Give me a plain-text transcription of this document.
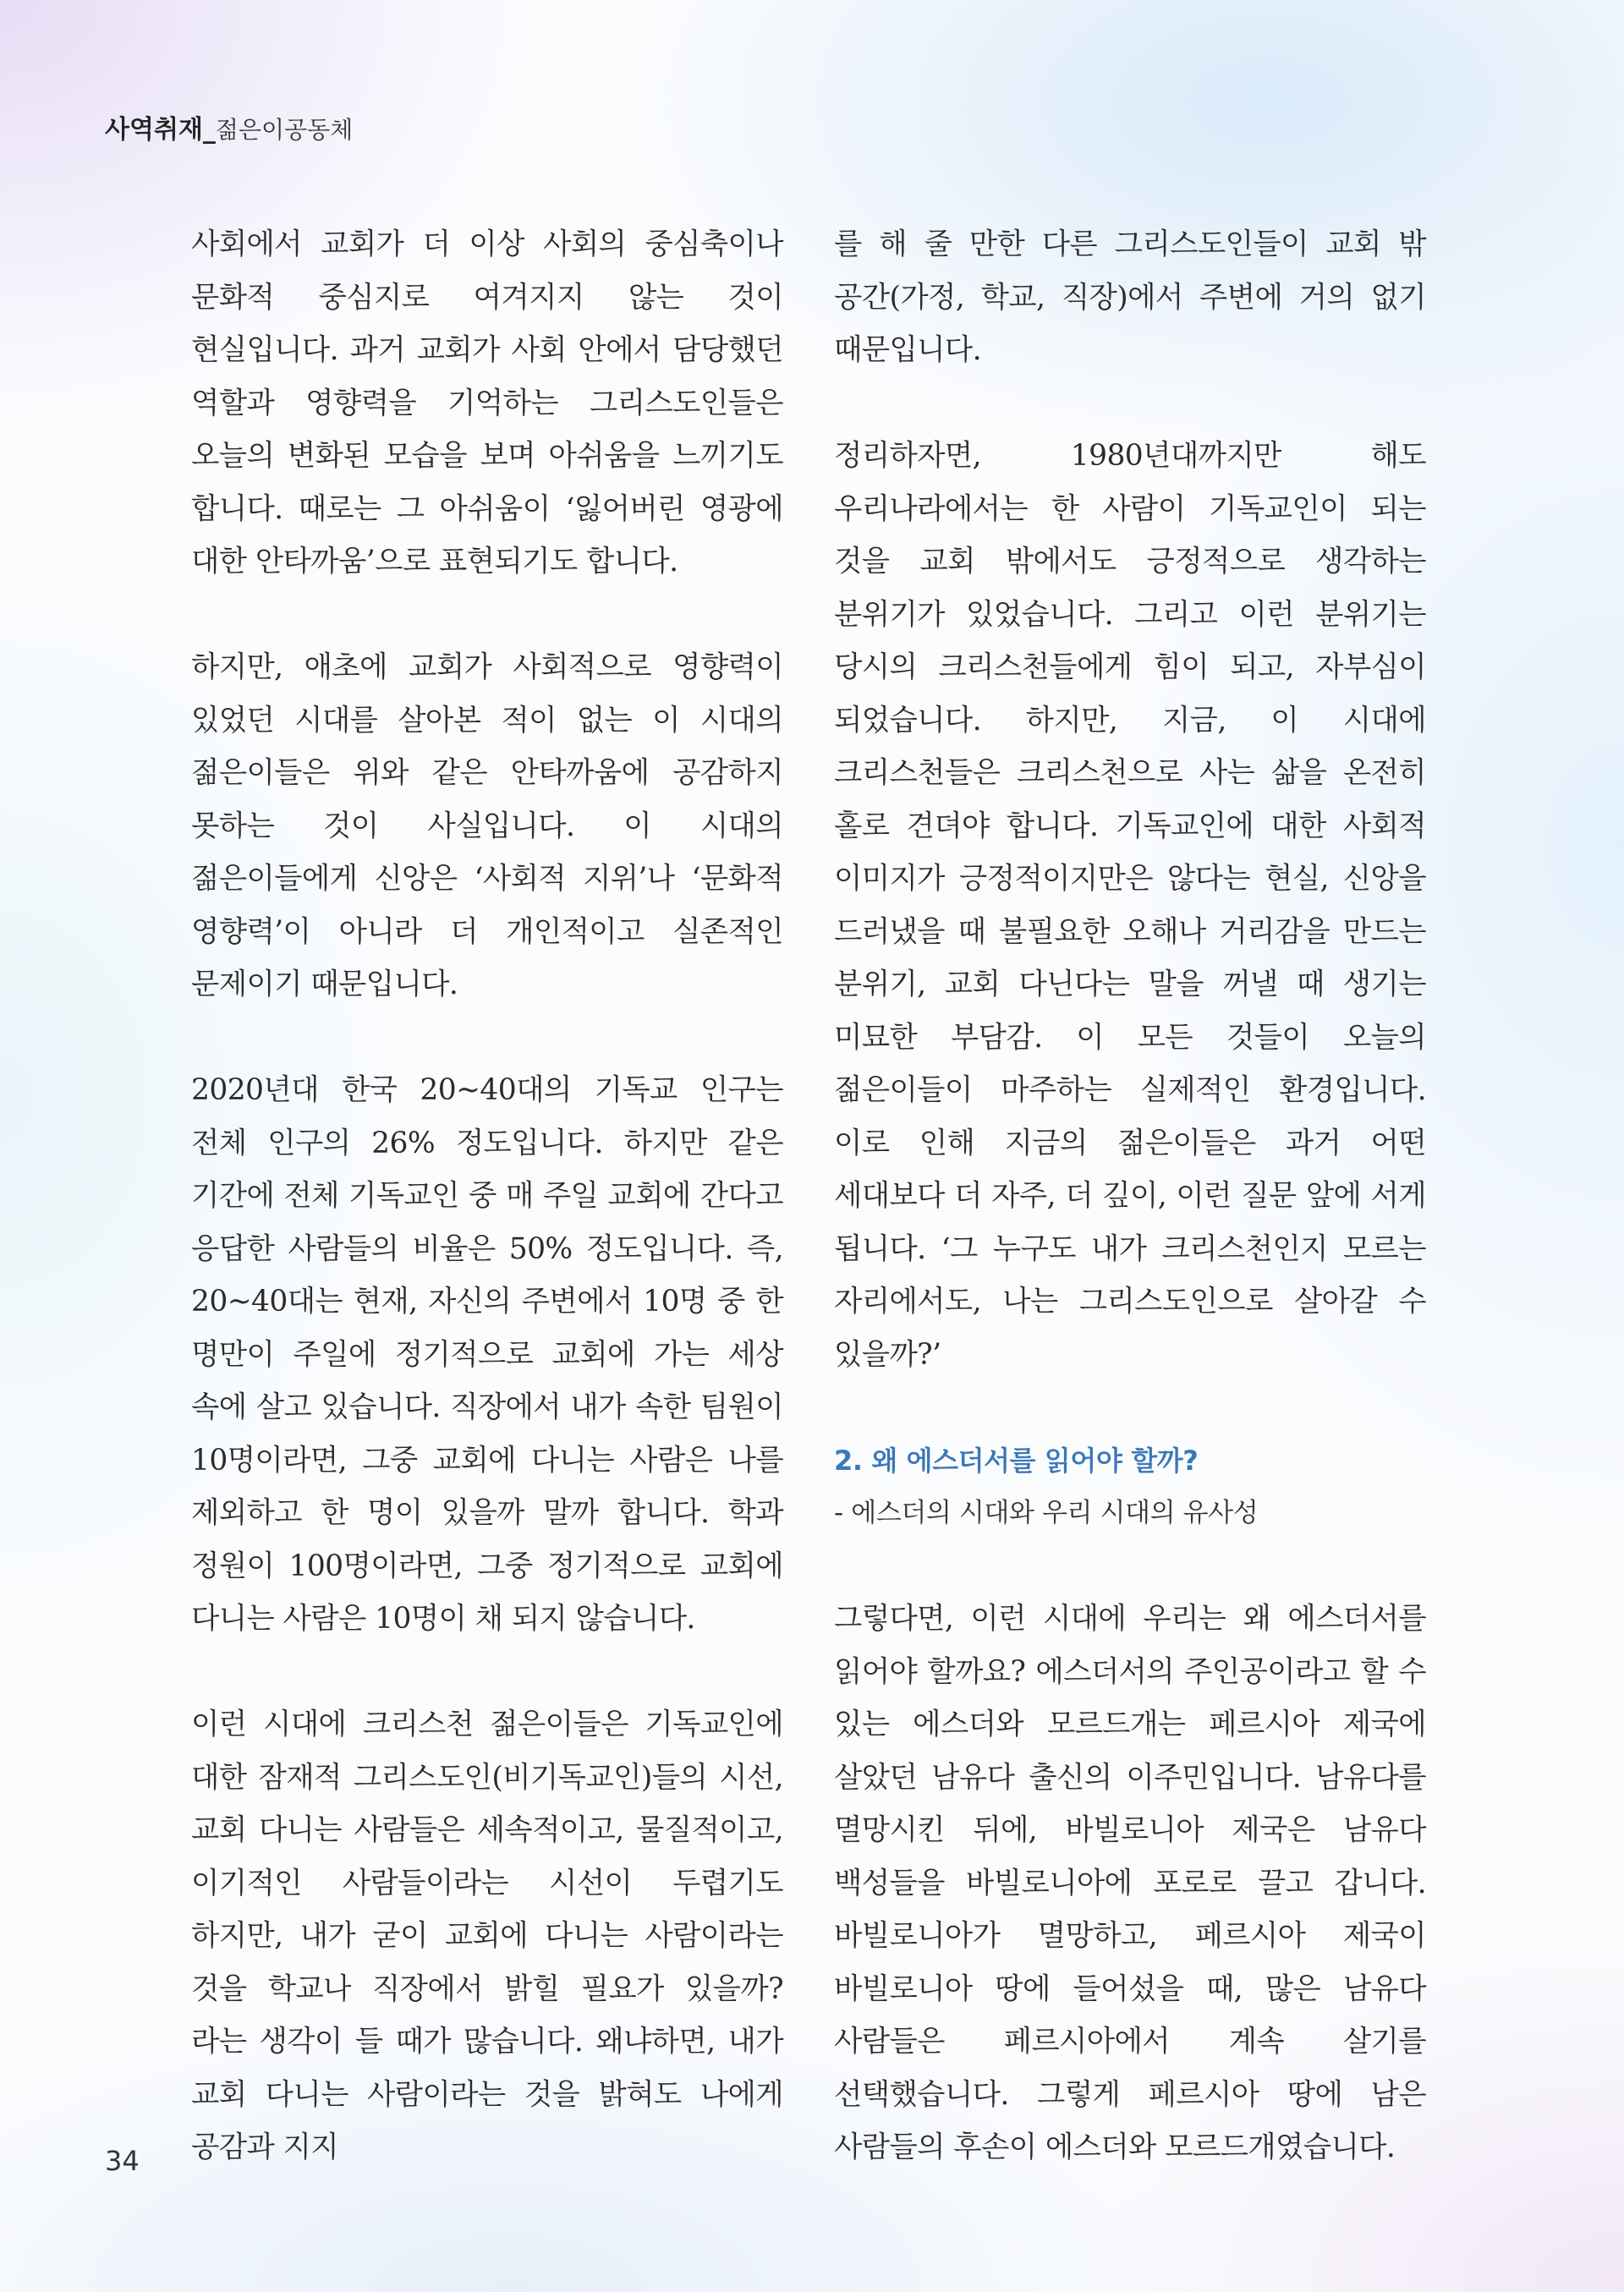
사역취재_젊은이공동체

사회에서 교회가 더 이상 사회의 중심축이나 문화적 중심지로 여겨지지 않는 것이 현실입니다. 과거 교회가 사회 안에서 담당했던 역할과 영향력을 기억하는 그리스도인들은 오늘의 변화된 모습을 보며 아쉬움을 느끼기도 합니다. 때로는 그 아쉬움이 ‘잃어버린 영광에 대한 안타까움’으로 표현되기도 합니다.

하지만, 애초에 교회가 사회적으로 영향력이 있었던 시대를 살아본 적이 없는 이 시대의 젊은이들은 위와 같은 안타까움에 공감하지 못하는 것이 사실입니다. 이 시대의 젊은이들에게 신앙은 ‘사회적 지위’나 ‘문화적 영향력’이 아니라 더 개인적이고 실존적인 문제이기 때문입니다.

2020년대 한국 20~40대의 기독교 인구는 전체 인구의 26% 정도입니다. 하지만 같은 기간에 전체 기독교인 중 매 주일 교회에 간다고 응답한 사람들의 비율은 50% 정도입니다. 즉, 20~40대는 현재, 자신의 주변에서 10명 중 한 명만이 주일에 정기적으로 교회에 가는 세상 속에 살고 있습니다. 직장에서 내가 속한 팀원이 10명이라면, 그중 교회에 다니는 사람은 나를 제외하고 한 명이 있을까 말까 합니다. 학과 정원이 100명이라면, 그중 정기적으로 교회에 다니는 사람은 10명이 채 되지 않습니다.

이런 시대에 크리스천 젊은이들은 기독교인에 대한 잠재적 그리스도인(비기독교인)들의 시선, 교회 다니는 사람들은 세속적이고, 물질적이고, 이기적인 사람들이라는 시선이 두렵기도 하지만, 내가 굳이 교회에 다니는 사람이라는 것을 학교나 직장에서 밝힐 필요가 있을까? 라는 생각이 들 때가 많습니다. 왜냐하면, 내가 교회 다니는 사람이라는 것을 밝혀도 나에게 공감과 지지

를 해 줄 만한 다른 그리스도인들이 교회 밖 공간(가정, 학교, 직장)에서 주변에 거의 없기 때문입니다.

정리하자면, 1980년대까지만 해도 우리나라에서는 한 사람이 기독교인이 되는 것을 교회 밖에서도 긍정적으로 생각하는 분위기가 있었습니다. 그리고 이런 분위기는 당시의 크리스천들에게 힘이 되고, 자부심이 되었습니다. 하지만, 지금, 이 시대에 크리스천들은 크리스천으로 사는 삶을 온전히 홀로 견뎌야 합니다. 기독교인에 대한 사회적 이미지가 긍정적이지만은 않다는 현실, 신앙을 드러냈을 때 불필요한 오해나 거리감을 만드는 분위기, 교회 다닌다는 말을 꺼낼 때 생기는 미묘한 부담감. 이 모든 것들이 오늘의 젊은이들이 마주하는 실제적인 환경입니다. 이로 인해 지금의 젊은이들은 과거 어떤 세대보다 더 자주, 더 깊이, 이런 질문 앞에 서게 됩니다. ‘그 누구도 내가 크리스천인지 모르는 자리에서도, 나는 그리스도인으로 살아갈 수 있을까?’

2. 왜 에스더서를 읽어야 할까?
- 에스더의 시대와 우리 시대의 유사성

그렇다면, 이런 시대에 우리는 왜 에스더서를 읽어야 할까요? 에스더서의 주인공이라고 할 수 있는 에스더와 모르드개는 페르시아 제국에 살았던 남유다 출신의 이주민입니다. 남유다를 멸망시킨 뒤에, 바빌로니아 제국은 남유다 백성들을 바빌로니아에 포로로 끌고 갑니다. 바빌로니아가 멸망하고, 페르시아 제국이 바빌로니아 땅에 들어섰을 때, 많은 남유다 사람들은 페르시아에서 계속 살기를 선택했습니다. 그렇게 페르시아 땅에 남은 사람들의 후손이 에스더와 모르드개였습니다.

34
